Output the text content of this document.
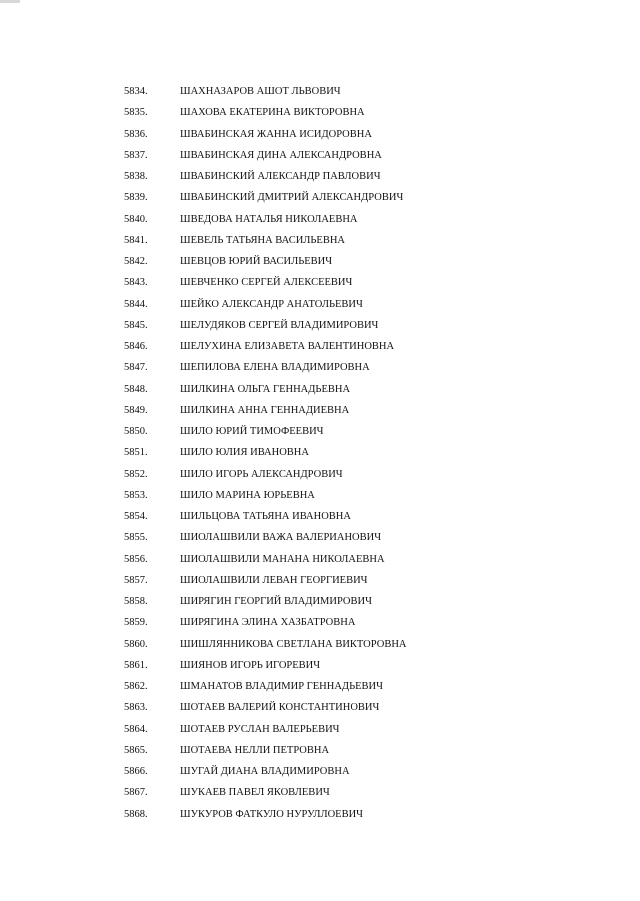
5834.	ШАХНАЗАРОВ АШОТ ЛЬВОВИЧ
5835.	ШАХОВА ЕКАТЕРИНА ВИКТОРОВНА
5836.	ШВАБИНСКАЯ ЖАННА ИСИДОРОВНА
5837.	ШВАБИНСКАЯ ДИНА АЛЕКСАНДРОВНА
5838.	ШВАБИНСКИЙ АЛЕКСАНДР ПАВЛОВИЧ
5839.	ШВАБИНСКИЙ ДМИТРИЙ АЛЕКСАНДРОВИЧ
5840.	ШВЕДОВА НАТАЛЬЯ НИКОЛАЕВНА
5841.	ШЕВЕЛЬ ТАТЬЯНА ВАСИЛЬЕВНА
5842.	ШЕВЦОВ ЮРИЙ ВАСИЛЬЕВИЧ
5843.	ШЕВЧЕНКО СЕРГЕЙ АЛЕКСЕЕВИЧ
5844.	ШЕЙКО АЛЕКСАНДР АНАТОЛЬЕВИЧ
5845.	ШЕЛУДЯКОВ СЕРГЕЙ ВЛАДИМИРОВИЧ
5846.	ШЕЛУХИНА ЕЛИЗАВЕТА ВАЛЕНТИНОВНА
5847.	ШЕПИЛОВА ЕЛЕНА ВЛАДИМИРОВНА
5848.	ШИЛКИНА ОЛЬГА ГЕННАДЬЕВНА
5849.	ШИЛКИНА АННА ГЕННАДИЕВНА
5850.	ШИЛО ЮРИЙ ТИМОФЕЕВИЧ
5851.	ШИЛО ЮЛИЯ ИВАНОВНА
5852.	ШИЛО ИГОРЬ АЛЕКСАНДРОВИЧ
5853.	ШИЛО МАРИНА ЮРЬЕВНА
5854.	ШИЛЬЦОВА ТАТЬЯНА ИВАНОВНА
5855.	ШИОЛАШВИЛИ ВАЖА ВАЛЕРИАНОВИЧ
5856.	ШИОЛАШВИЛИ МАНАНА НИКОЛАЕВНА
5857.	ШИОЛАШВИЛИ ЛЕВАН ГЕОРГИЕВИЧ
5858.	ШИРЯГИН ГЕОРГИЙ ВЛАДИМИРОВИЧ
5859.	ШИРЯГИНА ЭЛИНА ХАЗБАТРОВНА
5860.	ШИШЛЯННИКОВА СВЕТЛАНА ВИКТОРОВНА
5861.	ШИЯНОВ ИГОРЬ ИГОРЕВИЧ
5862.	ШМАНАТОВ ВЛАДИМИР ГЕННАДЬЕВИЧ
5863.	ШОТАЕВ ВАЛЕРИЙ КОНСТАНТИНОВИЧ
5864.	ШОТАЕВ РУСЛАН ВАЛЕРЬЕВИЧ
5865.	ШОТАЕВА НЕЛЛИ ПЕТРОВНА
5866.	ШУГАЙ ДИАНА ВЛАДИМИРОВНА
5867.	ШУКАЕВ ПАВЕЛ ЯКОВЛЕВИЧ
5868.	ШУКУРОВ ФАТКУЛО НУРУЛЛОЕВИЧ
